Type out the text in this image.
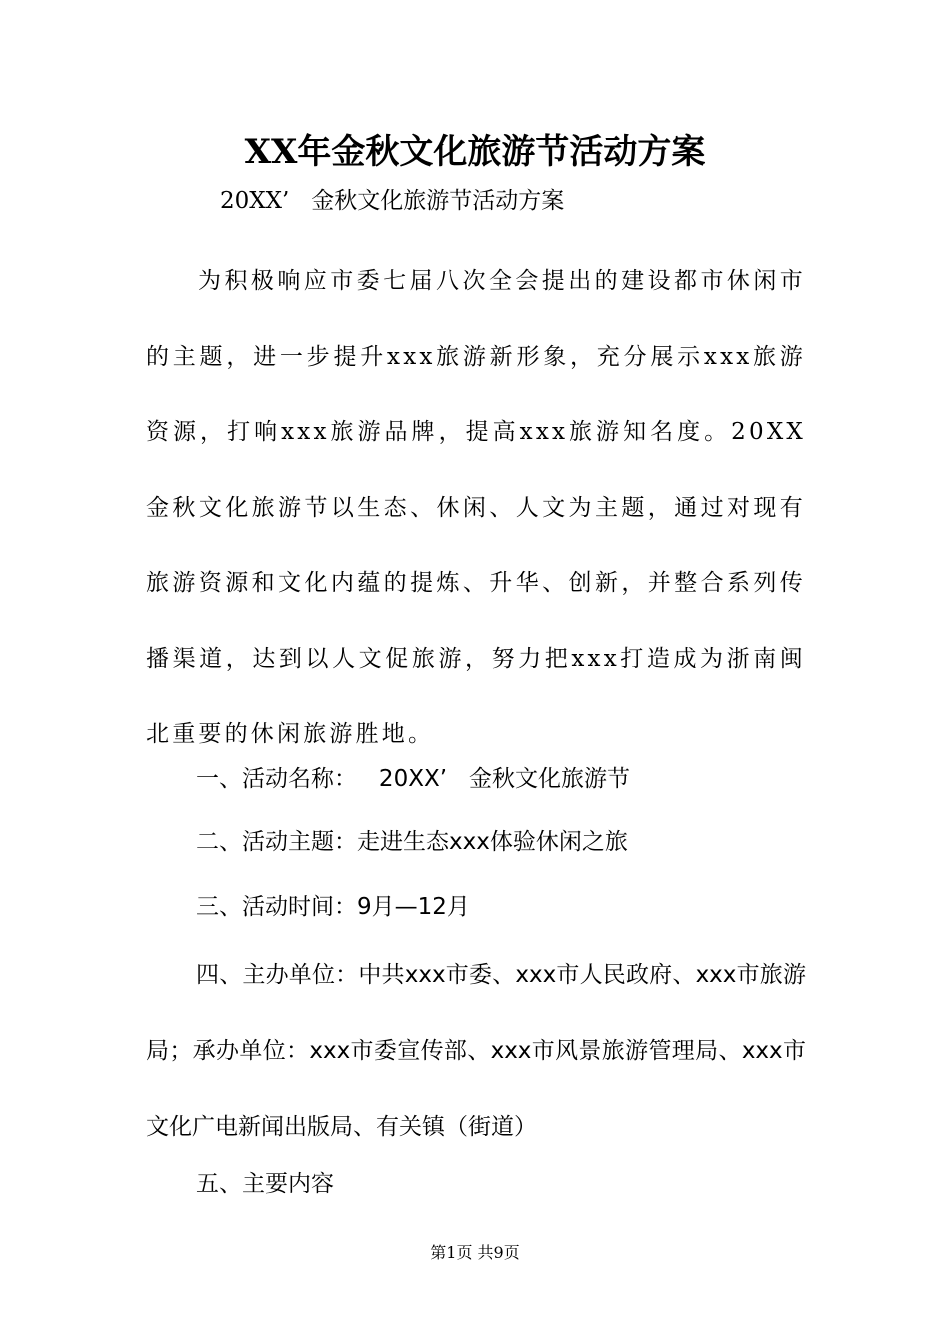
XX年金秋文化旅游节活动方案

20XX’   金秋文化旅游节活动方案

为积极响应市委七届八次全会提出的建设都市休闲市的主题，进一步提升xxx旅游新形象，充分展示xxx旅游资源，打响xxx旅游品牌，提高xxx旅游知名度。20XX金秋文化旅游节以生态、休闲、人文为主题，通过对现有旅游资源和文化内蕴的提炼、升华、创新，并整合系列传播渠道，达到以人文促旅游，努力把xxx打造成为浙南闽北重要的休闲旅游胜地。

一、活动名称：   20XX’   金秋文化旅游节

二、活动主题：走进生态xxx体验休闲之旅

三、活动时间：9月—12月

四、主办单位：中共xxx市委、xxx市人民政府、xxx市旅游局；承办单位：xxx市委宣传部、xxx市风景旅游管理局、xxx市文化广电新闻出版局、有关镇（街道）

五、主要内容

第1页 共9页
